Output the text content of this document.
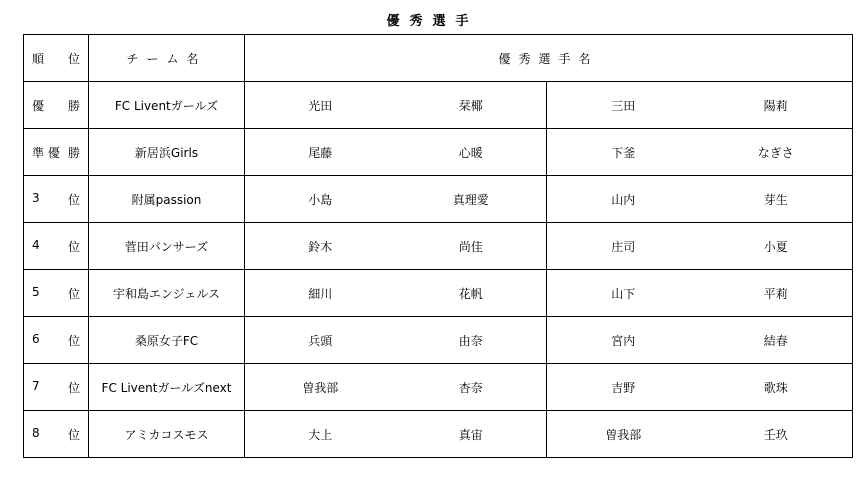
優秀選手
順 位	チーム名	優秀選手名			

優 勝	FC Liventガールズ	光田	栞椰	三田	陽莉

準 優 勝	新居浜Girls	尾藤	心暖	下釜	なぎさ

3 位	附属passion	小島	真理愛	山内	芽生

4 位	菅田パンサーズ	鈴木	尚佳	庄司	小夏

5 位	宇和島エンジェルス	細川	花帆	山下	平莉

6 位	桑原女子FC	兵頭	由奈	宮内	結春

7 位	FC Liventガールズnext	曽我部	杏奈	吉野	歌珠

8 位	アミカコスモス	大上	真宙	曽我部	壬玖
